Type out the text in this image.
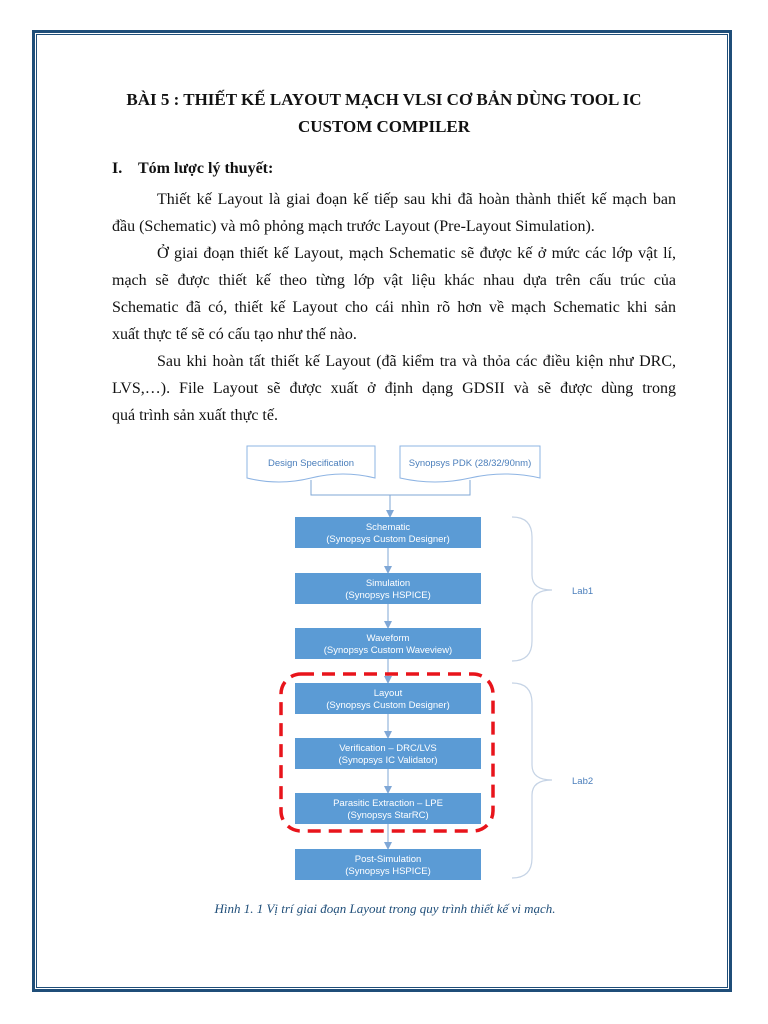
BÀI 5 : THIẾT KẾ LAYOUT MẠCH VLSI CƠ BẢN DÙNG TOOL IC
CUSTOM COMPILER
I. Tóm lược lý thuyết:
Thiết kế Layout là giai đoạn kế tiếp sau khi đã hoàn thành thiết kế mạch ban
đầu (Schematic) và mô phỏng mạch trước Layout (Pre-Layout Simulation).
Ở giai đoạn thiết kế Layout, mạch Schematic sẽ được kế ở mức các lớp vật lí,
mạch sẽ được thiết kế theo từng lớp vật liệu khác nhau dựa trên cấu trúc của
Schematic đã có, thiết kế Layout cho cái nhìn rõ hơn về mạch Schematic khi sản
xuất thực tế sẽ có cấu tạo như thế nào.
Sau khi hoàn tất thiết kế Layout (đã kiểm tra và thỏa các điều kiện như DRC,
LVS,…). File Layout sẽ được xuất ở định dạng GDSII và sẽ được dùng trong
quá trình sản xuất thực tế.
Design Specification	Synopsys PDK (28/32/90nm)
Schematic
(Synopsys Custom Designer)
Simulation
(Synopsys HSPICE)
Waveform
(Synopsys Custom Waveview)
Layout
(Synopsys Custom Designer)
Verification – DRC/LVS
(Synopsys IC Validator)
Parasitic Extraction – LPE
(Synopsys StarRC)
Post-Simulation
(Synopsys HSPICE)
Lab1
Lab2
Hình 1. 1 Vị trí giai đoạn Layout trong quy trình thiết kế vi mạch.
